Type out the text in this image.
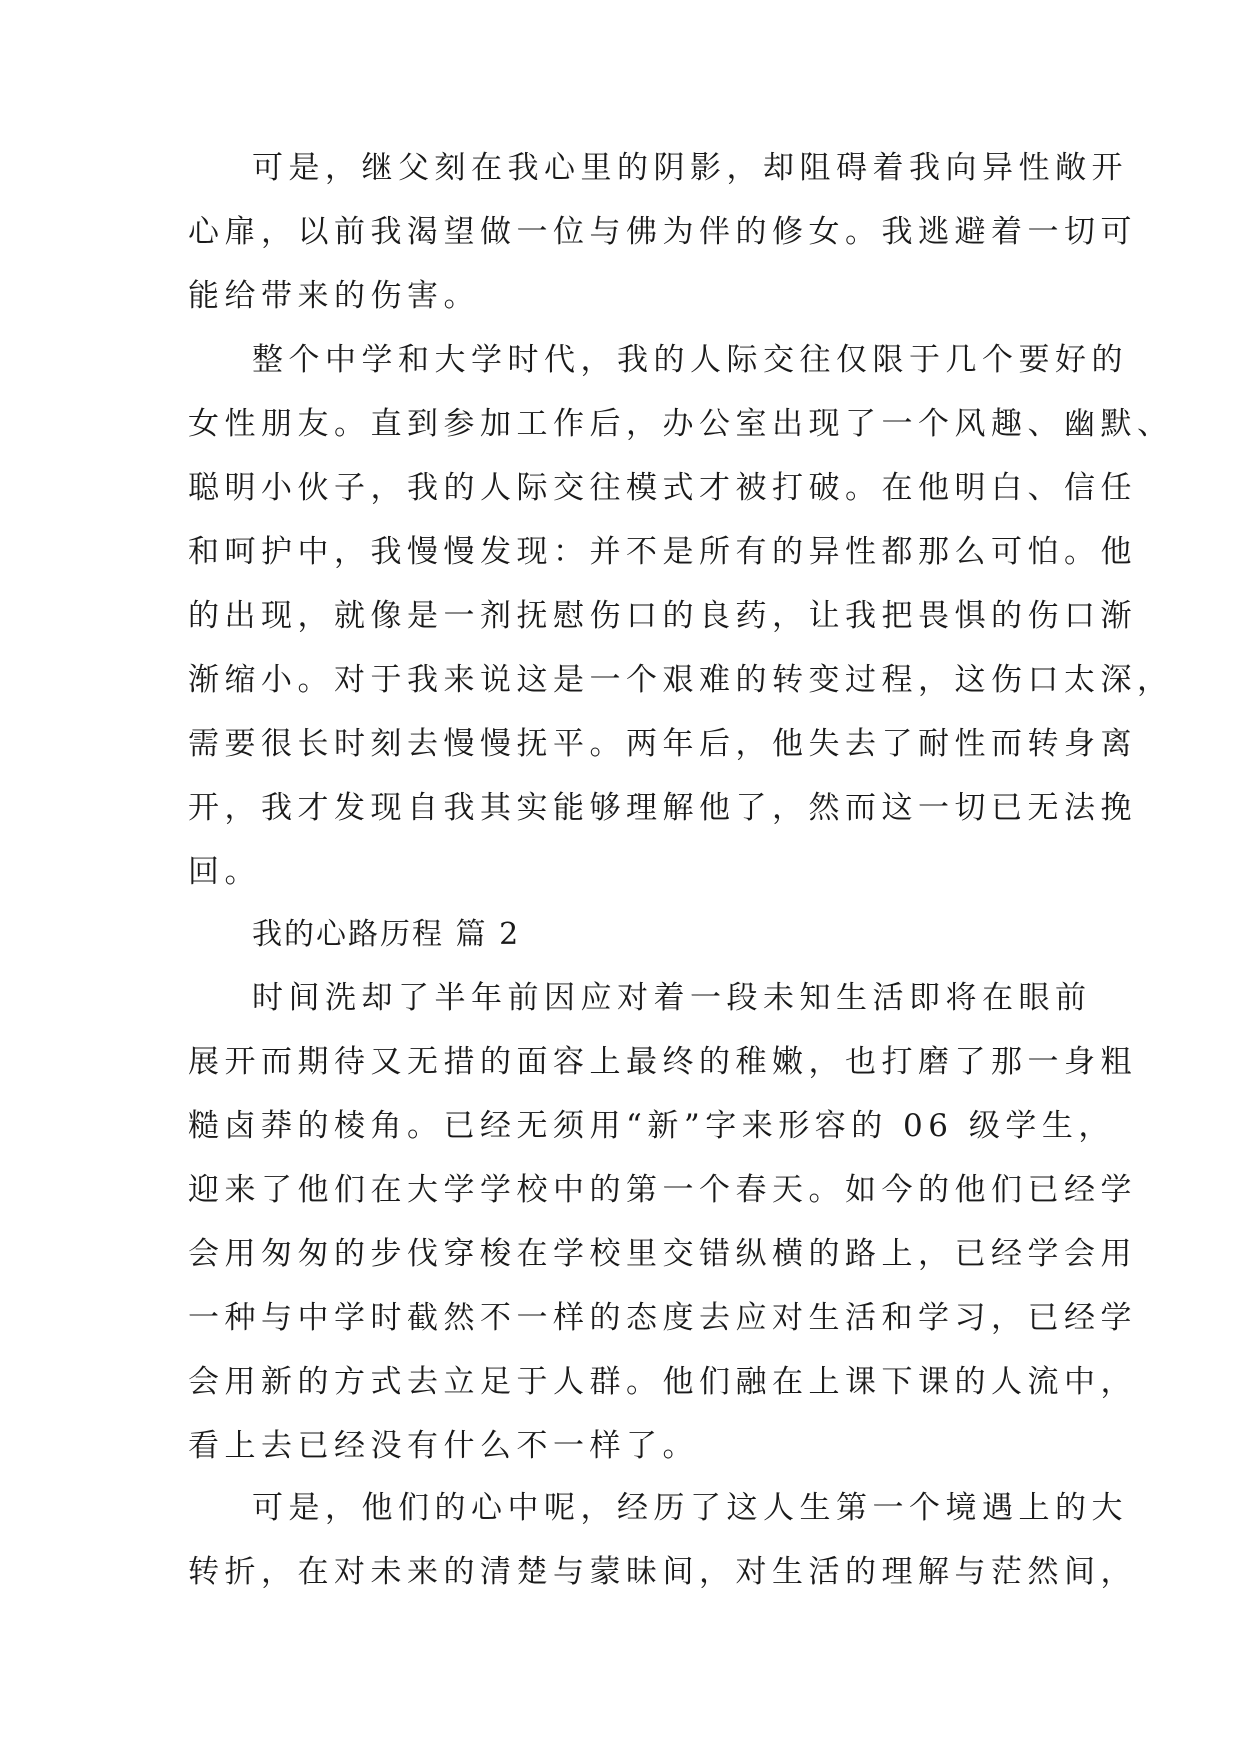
可是，继父刻在我心里的阴影，却阻碍着我向异性敞开
心扉，以前我渴望做一位与佛为伴的修女。我逃避着一切可
能给带来的伤害。
整个中学和大学时代，我的人际交往仅限于几个要好的
女性朋友。直到参加工作后，办公室出现了一个风趣、幽默、
聪明小伙子，我的人际交往模式才被打破。在他明白、信任
和呵护中，我慢慢发现：并不是所有的异性都那么可怕。他
的出现，就像是一剂抚慰伤口的良药，让我把畏惧的伤口渐
渐缩小。对于我来说这是一个艰难的转变过程，这伤口太深，
需要很长时刻去慢慢抚平。两年后，他失去了耐性而转身离
开，我才发现自我其实能够理解他了，然而这一切已无法挽
回。
我的心路历程 篇 2
时间洗却了半年前因应对着一段未知生活即将在眼前
展开而期待又无措的面容上最终的稚嫩，也打磨了那一身粗
糙卤莽的棱角。已经无须用“新”字来形容的 06 级学生，
迎来了他们在大学学校中的第一个春天。如今的他们已经学
会用匆匆的步伐穿梭在学校里交错纵横的路上，已经学会用
一种与中学时截然不一样的态度去应对生活和学习，已经学
会用新的方式去立足于人群。他们融在上课下课的人流中，
看上去已经没有什么不一样了。
可是，他们的心中呢，经历了这人生第一个境遇上的大
转折，在对未来的清楚与蒙昧间，对生活的理解与茫然间，
